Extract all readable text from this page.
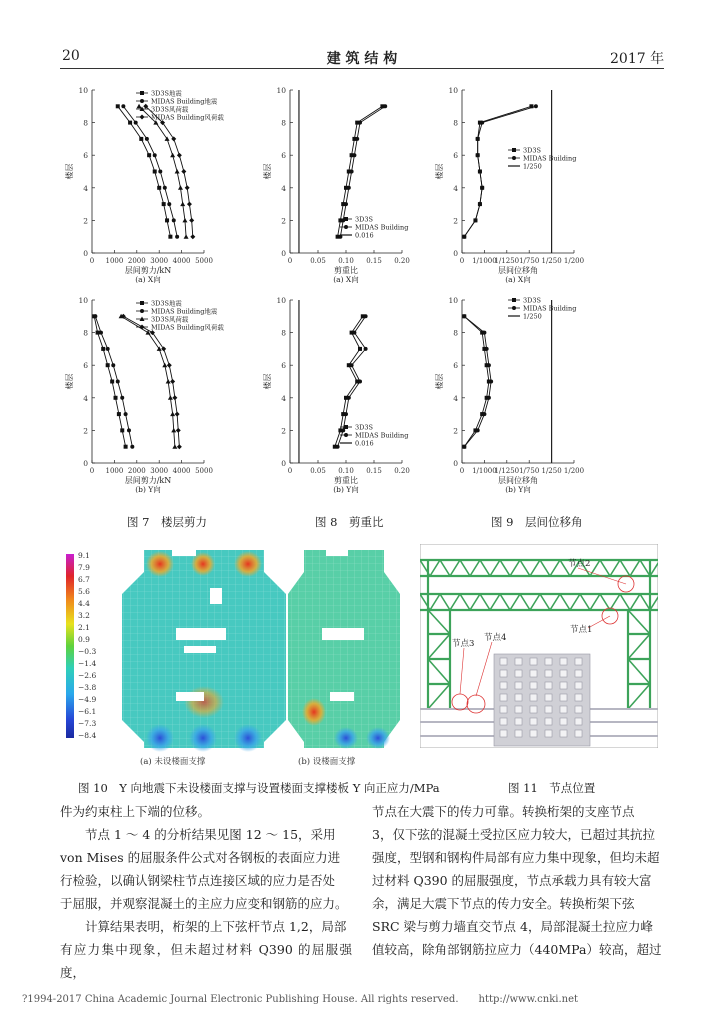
20	建 筑 结 构	2017 年
0
2
4
6
8
10
0 1000 2000 3000 4000 5000
层间剪力/kN
(a) X向
楼层
3D3S地震
MIDAS Building地震
3D3S风荷载
MIDAS Building风荷载
0
2
4
6
8
10
0	0.05 0.10 0.15 0.20
剪重比
(a) X向
楼层
3D3S
MIDAS Building
0.016
0
2
4
6
8
10
0 1/1000
1/1250 1/750 1/250 1/200
层间位移角
(a) X向
楼层
3D3S
MIDAS Building
1/250
0
2
4
6
8
10
0 1000 2000 3000 4000 5000
层间剪力/kN
(b) Y向
楼层
3D3S地震
MIDAS Building地震
3D3S风荷载
MIDAS Building风荷载
0
2
4
6
8
10
0	0.05 0.10 0.15 0.20
剪重比
(b) Y向
楼层
3D3S
MIDAS Building
0.016
0
2
4
6
8
10
0 1/1000
1/1250 1/750 1/250 1/200
层间位移角
(b) Y向
楼层
3D3S
MIDAS Building
1/250
图 7　楼层剪力	图 8　剪重比	图 9　层间位移角
9.1
7.9
6.7
5.6
4.4
3.2
2.1
0.9
−0.3
−1.4
−2.6
−3.8
−4.9
−6.1
−7.3
−8.4
(a) 未设楼面支撑	(b) 设楼面支撑
节点2
节点1
节点3
节点4
图 10　Y 向地震下未设楼面支撑与设置楼面支撑楼板 Y 向正应力/MPa	图 11　节点位置
件为约束柱上下端的位移。
节点 1 ～ 4 的分析结果见图 12 ～ 15，采用
von Mises 的屈服条件公式对各钢板的表面应力进
行检验，以确认钢梁柱节点连接区域的应力是否处
于屈服，并观察混凝土的主应力应变和钢筋的应力。
计算结果表明，桁架的上下弦杆节点 1,2，局部
有应力集中现象，但未超过材料 Q390 的屈服强度，
节点在大震下的传力可靠。转换桁架的支座节点
3，仅下弦的混凝土受拉区应力较大，已超过其抗拉
强度，型钢和钢构件局部有应力集中现象，但均未超
过材料 Q390 的屈服强度，节点承载力具有较大富
余，满足大震下节点的传力安全。转换桁架下弦
SRC 梁与剪力墙直交节点 4，局部混凝土拉应力峰
值较高，除角部钢筋拉应力（440MPa）较高，超过
?1994-2017 China Academic Journal Electronic Publishing House. All rights reserved.　　http://www.cnki.net
